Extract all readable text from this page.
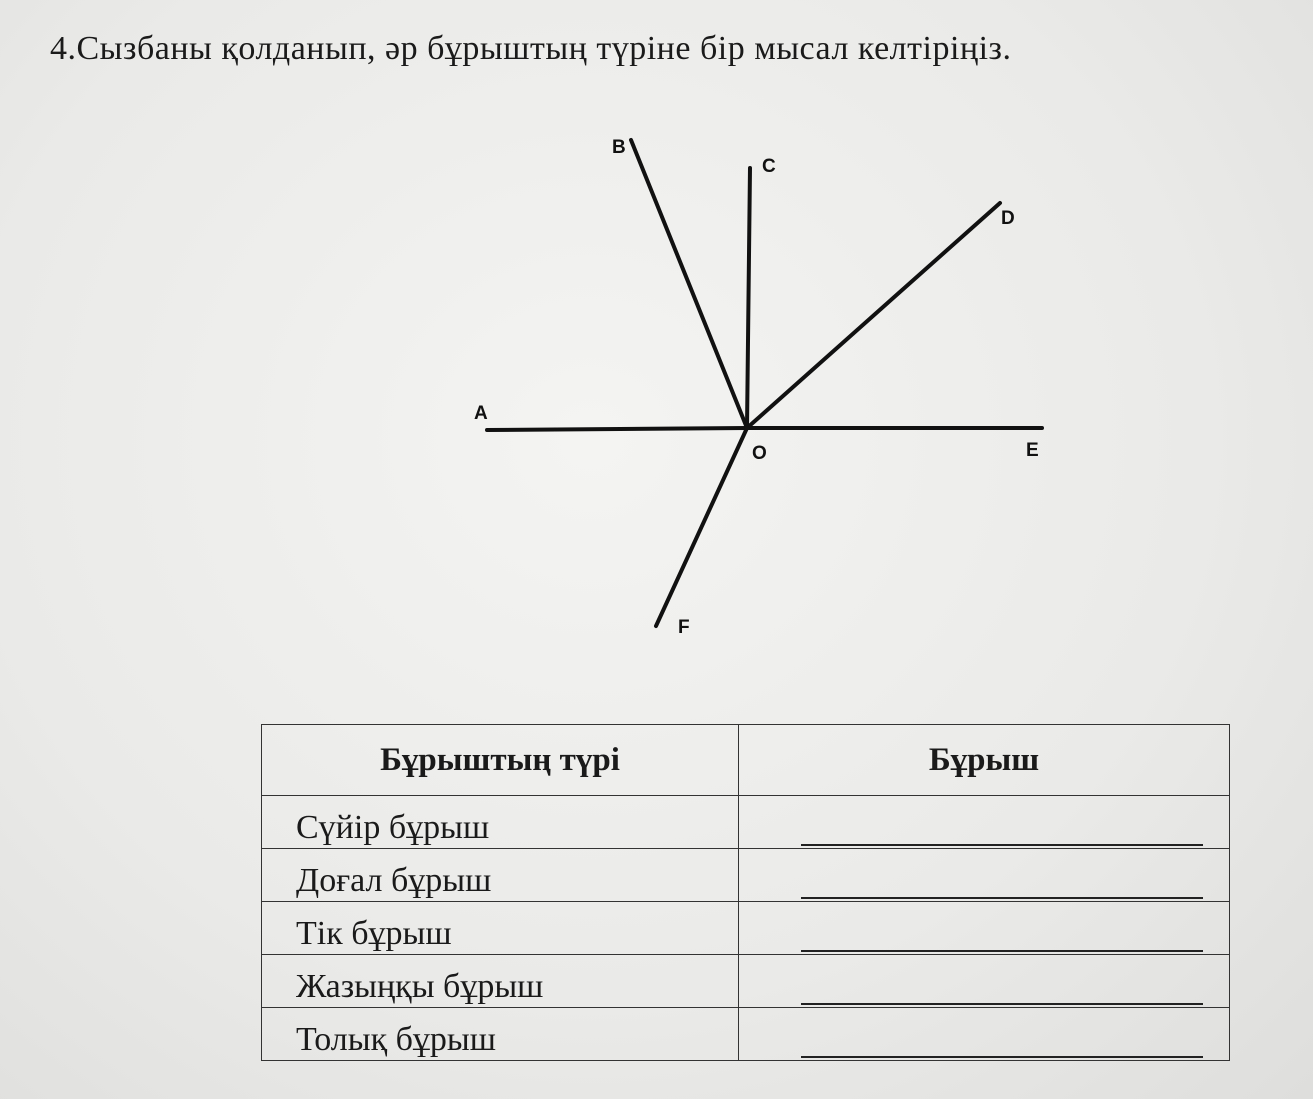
4.Сызбаны қолданып, әр бұрыштың түріне бір мысал келтіріңіз.
B
C
D
A
O	E
F
Бұрыштың түрі	Бұрыш
Сүйір бұрыш	

Доғал бұрыш	

Тік бұрыш	

Жазыңқы бұрыш	

Толық бұрыш	
